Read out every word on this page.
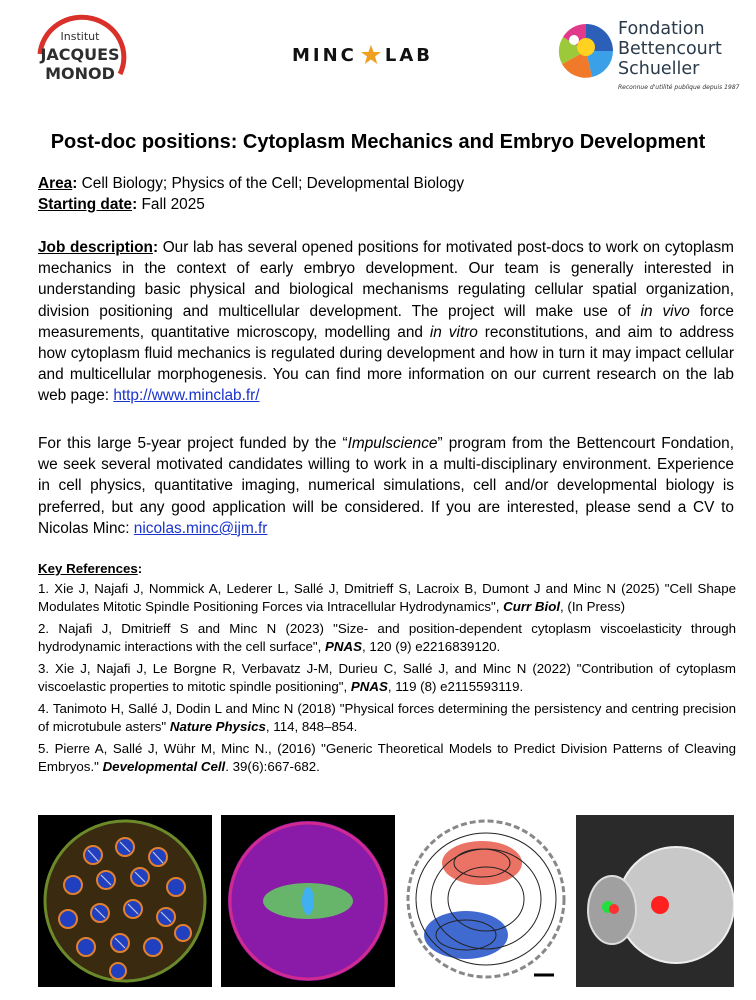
Institut
JACQUES
MONOD
MINC LAB
Fondation
Bettencourt
Schueller
Reconnue d'utilité publique depuis 1987
Post-doc positions: Cytoplasm Mechanics and Embryo Development
Area: Cell Biology; Physics of the Cell; Developmental Biology
Starting date: Fall 2025
Job description: Our lab has several opened positions for motivated post-docs to work on cytoplasm mechanics in the context of early embryo development. Our team is generally interested in understanding basic physical and biological mechanisms regulating cellular spatial organization, division positioning and multicellular development. The project will make use of in vivo force measurements, quantitative microscopy, modelling and in vitro reconstitutions, and aim to address how cytoplasm fluid mechanics is regulated during development and how in turn it may impact cellular and multicellular morphogenesis. You can find more information on our current research on the lab web page: http://www.minclab.fr/
For this large 5-year project funded by the “Impulscience” program from the Bettencourt Fondation, we seek several motivated candidates willing to work in a multi-disciplinary environment. Experience in cell physics, quantitative imaging, numerical simulations, cell and/or developmental biology is preferred, but any good application will be considered. If you are interested, please send a CV to Nicolas Minc: nicolas.minc@ijm.fr
Key References:
1. Xie J, Najafi J, Nommick A, Lederer L, Sallé J, Dmitrieff S, Lacroix B, Dumont J and Minc N (2025) "Cell Shape Modulates Mitotic Spindle Positioning Forces via Intracellular Hydrodynamics", Curr Biol, (In Press)
2. Najafi J, Dmitrieff S and Minc N (2023) "Size- and position-dependent cytoplasm viscoelasticity through hydrodynamic interactions with the cell surface", PNAS, 120 (9) e2216839120.
3. Xie J, Najafi J, Le Borgne R, Verbavatz J-M, Durieu C, Sallé J, and Minc N (2022) "Contribution of cytoplasm viscoelastic properties to mitotic spindle positioning", PNAS, 119 (8) e2115593119.
4. Tanimoto H, Sallé J, Dodin L and Minc N (2018) "Physical forces determining the persistency and centring precision of microtubule asters" Nature Physics, 114, 848–854.
5. Pierre A, Sallé J, Wühr M, Minc N., (2016) "Generic Theoretical Models to Predict Division Patterns of Cleaving Embryos." Developmental Cell. 39(6):667-682.
